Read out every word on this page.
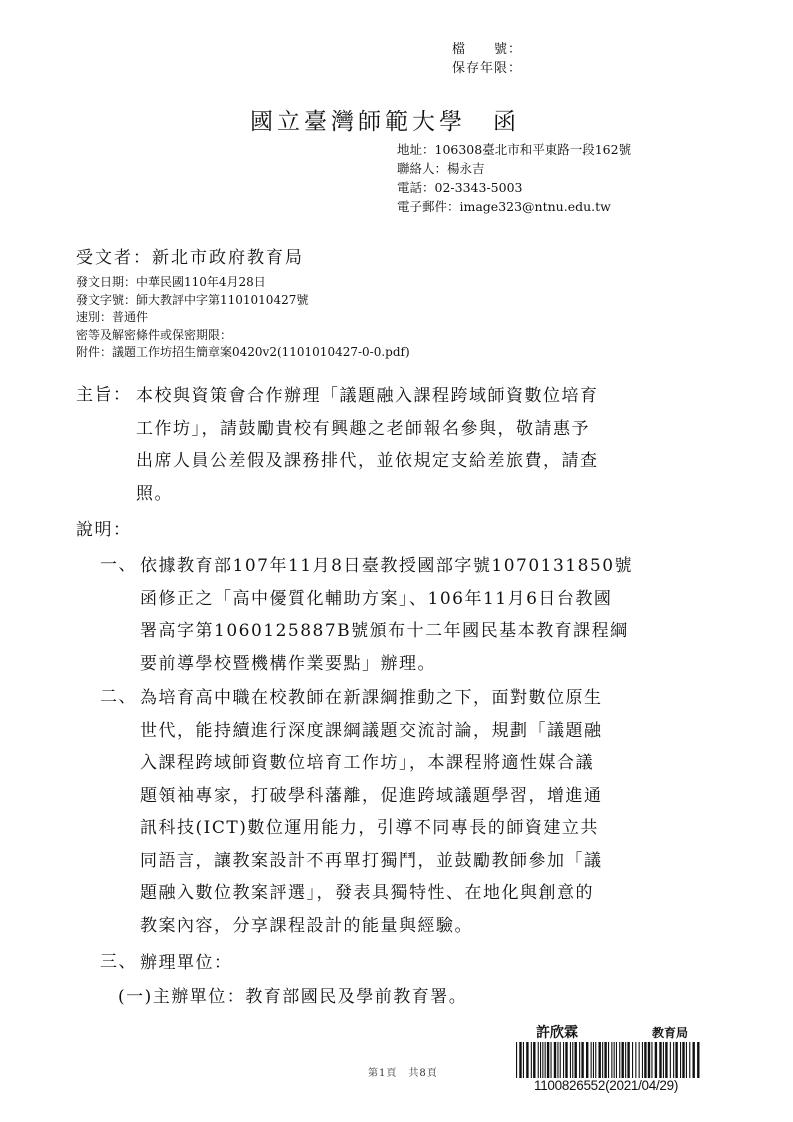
檔　　號：
保存年限：
國立臺灣師範大學　函
地址：106308臺北市和平東路一段162號
聯絡人：楊永吉
電話：02-3343-5003
電子郵件：image323@ntnu.edu.tw
受文者：新北市政府教育局
發文日期：中華民國110年4月28日
發文字號：師大教評中字第1101010427號
速別：普通件
密等及解密條件或保密期限：
附件：議題工作坊招生簡章案0420v2(1101010427-0-0.pdf)
主旨： 本校與資策會合作辦理「議題融入課程跨域師資數位培育
工作坊」，請鼓勵貴校有興趣之老師報名參與，敬請惠予
出席人員公差假及課務排代，並依規定支給差旅費，請查
照。
說明：
一、 依據教育部107年11月8日臺教授國部字號1070131850號
函修正之「高中優質化輔助方案」、106年11月6日台教國
署高字第1060125887B號頒布十二年國民基本教育課程綱
要前導學校暨機構作業要點」辦理。
二、 為培育高中職在校教師在新課綱推動之下，面對數位原生
世代，能持續進行深度課綱議題交流討論，規劃「議題融
入課程跨域師資數位培育工作坊」，本課程將適性媒合議
題領袖專家，打破學科藩離，促進跨域議題學習，增進通
訊科技(ICT)數位運用能力，引導不同專長的師資建立共
同語言，讓教案設計不再單打獨鬥，並鼓勵教師參加「議
題融入數位教案評選」，發表具獨特性、在地化與創意的
教案內容，分享課程設計的能量與經驗。
三、 辦理單位：
(一)主辦單位：教育部國民及學前教育署。
第1頁　共8頁
許欣霖	教育局
1100826552(2021/04/29)
